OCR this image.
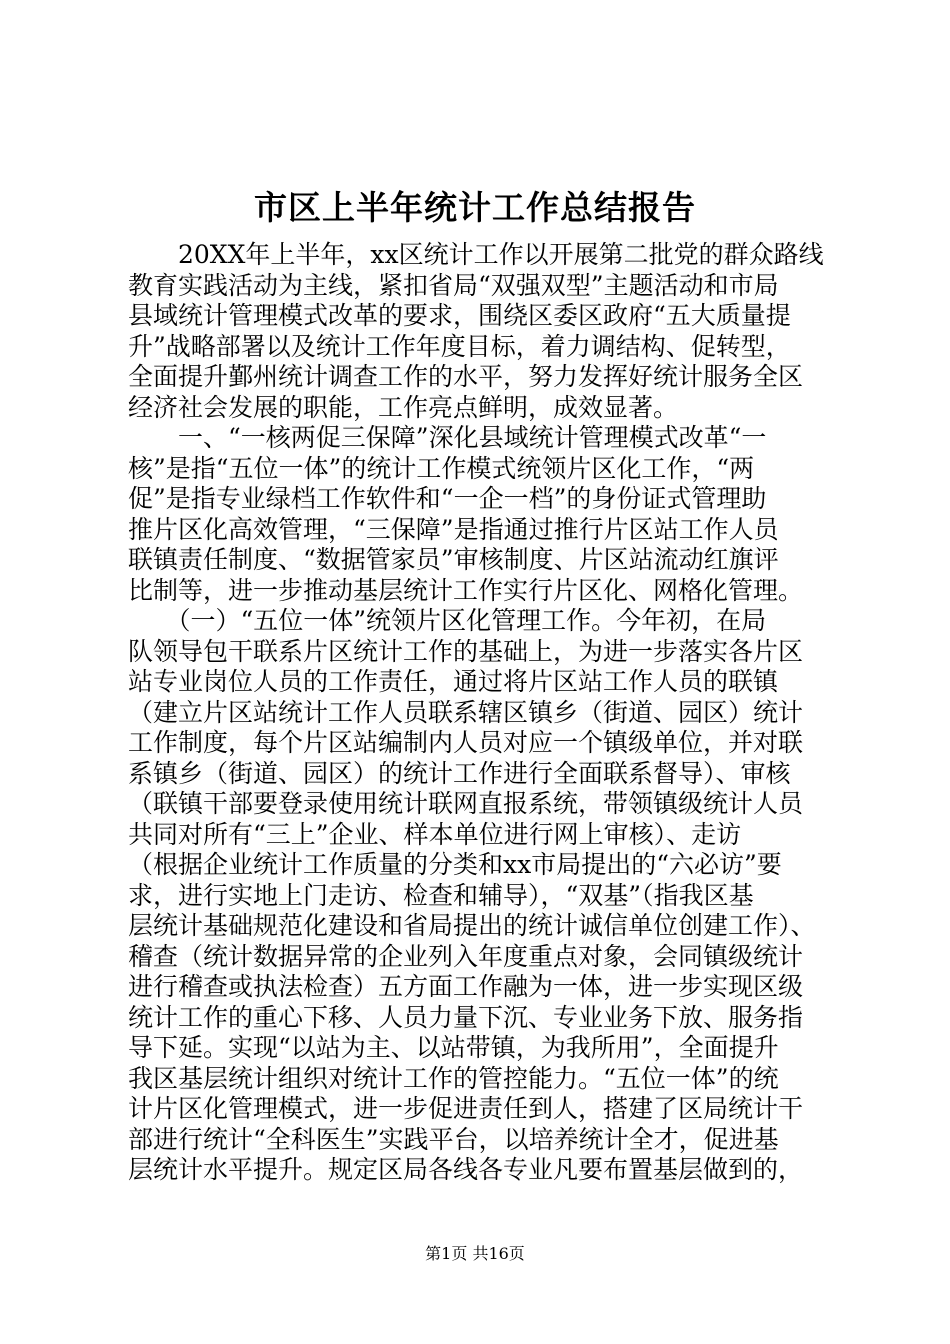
市区上半年统计工作总结报告
　　20XX年上半年，xx区统计工作以开展第二批党的群众路线
教育实践活动为主线，紧扣省局“双强双型”主题活动和市局
县域统计管理模式改革的要求，围绕区委区政府“五大质量提
升”战略部署以及统计工作年度目标，着力调结构、促转型，
全面提升鄞州统计调查工作的水平，努力发挥好统计服务全区
经济社会发展的职能，工作亮点鲜明，成效显著。
　　一、“一核两促三保障”深化县域统计管理模式改革“一
核”是指“五位一体”的统计工作模式统领片区化工作，“两
促”是指专业绿档工作软件和“一企一档”的身份证式管理助
推片区化高效管理，“三保障”是指通过推行片区站工作人员
联镇责任制度、“数据管家员”审核制度、片区站流动红旗评
比制等，进一步推动基层统计工作实行片区化、网格化管理。
　　（一）“五位一体”统领片区化管理工作。今年初，在局
队领导包干联系片区统计工作的基础上，为进一步落实各片区
站专业岗位人员的工作责任，通过将片区站工作人员的联镇
（建立片区站统计工作人员联系辖区镇乡（街道、园区）统计
工作制度，每个片区站编制内人员对应一个镇级单位，并对联
系镇乡（街道、园区）的统计工作进行全面联系督导）、审核
（联镇干部要登录使用统计联网直报系统，带领镇级统计人员
共同对所有“三上”企业、样本单位进行网上审核）、走访
（根据企业统计工作质量的分类和xx市局提出的“六必访”要
求，进行实地上门走访、检查和辅导），“双基”（指我区基
层统计基础规范化建设和省局提出的统计诚信单位创建工作）、
稽查（统计数据异常的企业列入年度重点对象，会同镇级统计
进行稽查或执法检查）五方面工作融为一体，进一步实现区级
统计工作的重心下移、人员力量下沉、专业业务下放、服务指
导下延。实现“以站为主、以站带镇，为我所用”，全面提升
我区基层统计组织对统计工作的管控能力。“五位一体”的统
计片区化管理模式，进一步促进责任到人，搭建了区局统计干
部进行统计“全科医生”实践平台，以培养统计全才，促进基
层统计水平提升。规定区局各线各专业凡要布置基层做到的，
第1页 共16页
